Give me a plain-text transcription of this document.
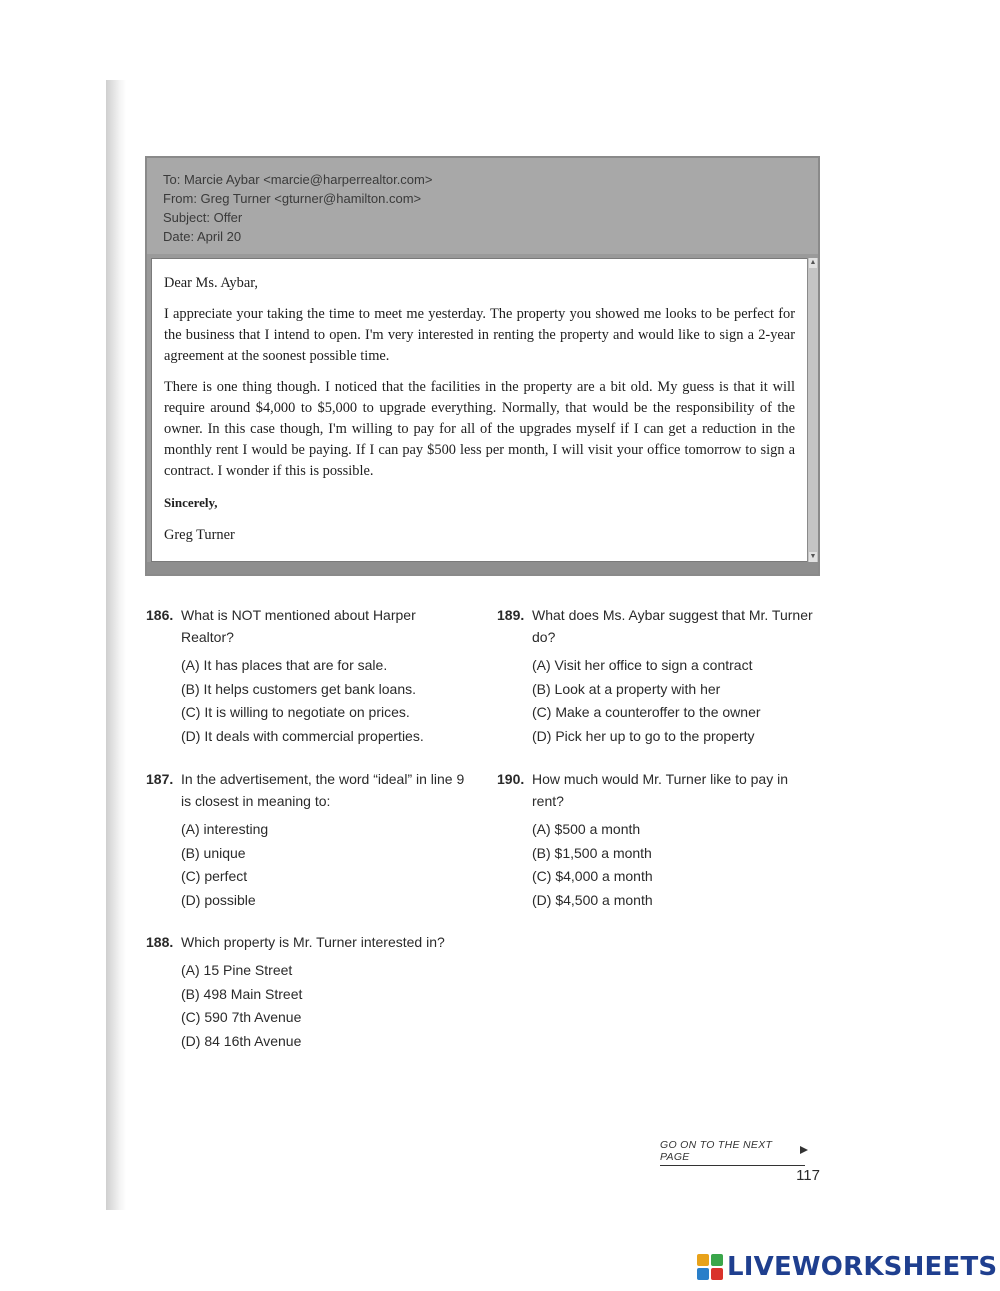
To: Marcie Aybar <marcie@harperrealtor.com>
From: Greg Turner <gturner@hamilton.com>
Subject: Offer
Date: April 20

Dear Ms. Aybar,

I appreciate your taking the time to meet me yesterday. The property you showed me looks to be perfect for the business that I intend to open. I'm very interested in renting the property and would like to sign a 2-year agreement at the soonest possible time.

There is one thing though. I noticed that the facilities in the property are a bit old. My guess is that it will require around $4,000 to $5,000 to upgrade everything. Normally, that would be the responsibility of the owner. In this case though, I'm willing to pay for all of the upgrades myself if I can get a reduction in the monthly rent I would be paying. If I can pay $500 less per month, I will visit your office tomorrow to sign a contract. I wonder if this is possible.

Sincerely,

Greg Turner

▲
▼
186. What is NOT mentioned about Harper Realtor?
(A) It has places that are for sale.
(B) It helps customers get bank loans.
(C) It is willing to negotiate on prices.
(D) It deals with commercial properties.
187. In the advertisement, the word “ideal” in line 9 is closest in meaning to:
(A) interesting
(B) unique
(C) perfect
(D) possible
188. Which property is Mr. Turner interested in?
(A) 15 Pine Street
(B) 498 Main Street
(C) 590 7th Avenue
(D) 84 16th Avenue
189. What does Ms. Aybar suggest that Mr. Turner do?
(A) Visit her office to sign a contract
(B) Look at a property with her
(C) Make a counteroffer to the owner
(D) Pick her up to go to the property
190. How much would Mr. Turner like to pay in rent?
(A) $500 a month
(B) $1,500 a month
(C) $4,000 a month
(D) $4,500 a month
GO ON TO THE NEXT PAGE
117
LIVEWORKSHEETS
